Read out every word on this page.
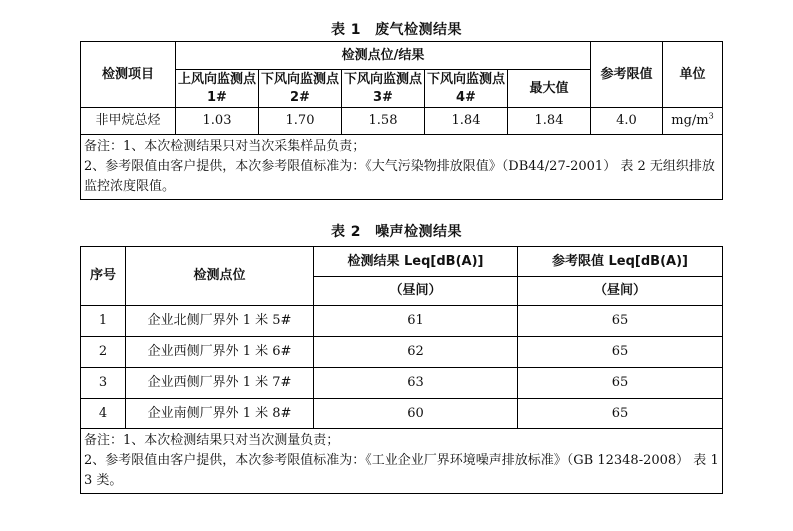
表 1 废气检测结果
检测项目	检测点位/结果					参考限值	单位
	上风向监测点 1#	下风向监测点 2#	下风向监测点 3#	下风向监测点 4#	最大值		
非甲烷总烃	1.03	1.70	1.58	1.84	1.84	4.0	$mg/m^3$

备注：1、本次检测结果只对当次采集样品负责；
2、参考限值由客户提供，本次参考限值标准为：《大气污染物排放限值》（DB44/27-2001） 表 2 无组织排放监控浓度限值。							
表 2 噪声检测结果
序号	检测点位	检测结果 Leq[dB(A)]	参考限值 Leq[dB(A)]
		（昼间）	（昼间）
1	企业北侧厂界外 1 米 5#	61	65
2	企业西侧厂界外 1 米 6#	62	65
3	企业西侧厂界外 1 米 7#	63	65
4	企业南侧厂界外 1 米 8#	60	65

备注：1、本次检测结果只对当次测量负责；
2、参考限值由客户提供，本次参考限值标准为：《工业企业厂界环境噪声排放标准》（GB 12348-2008） 表 1 3 类。			
